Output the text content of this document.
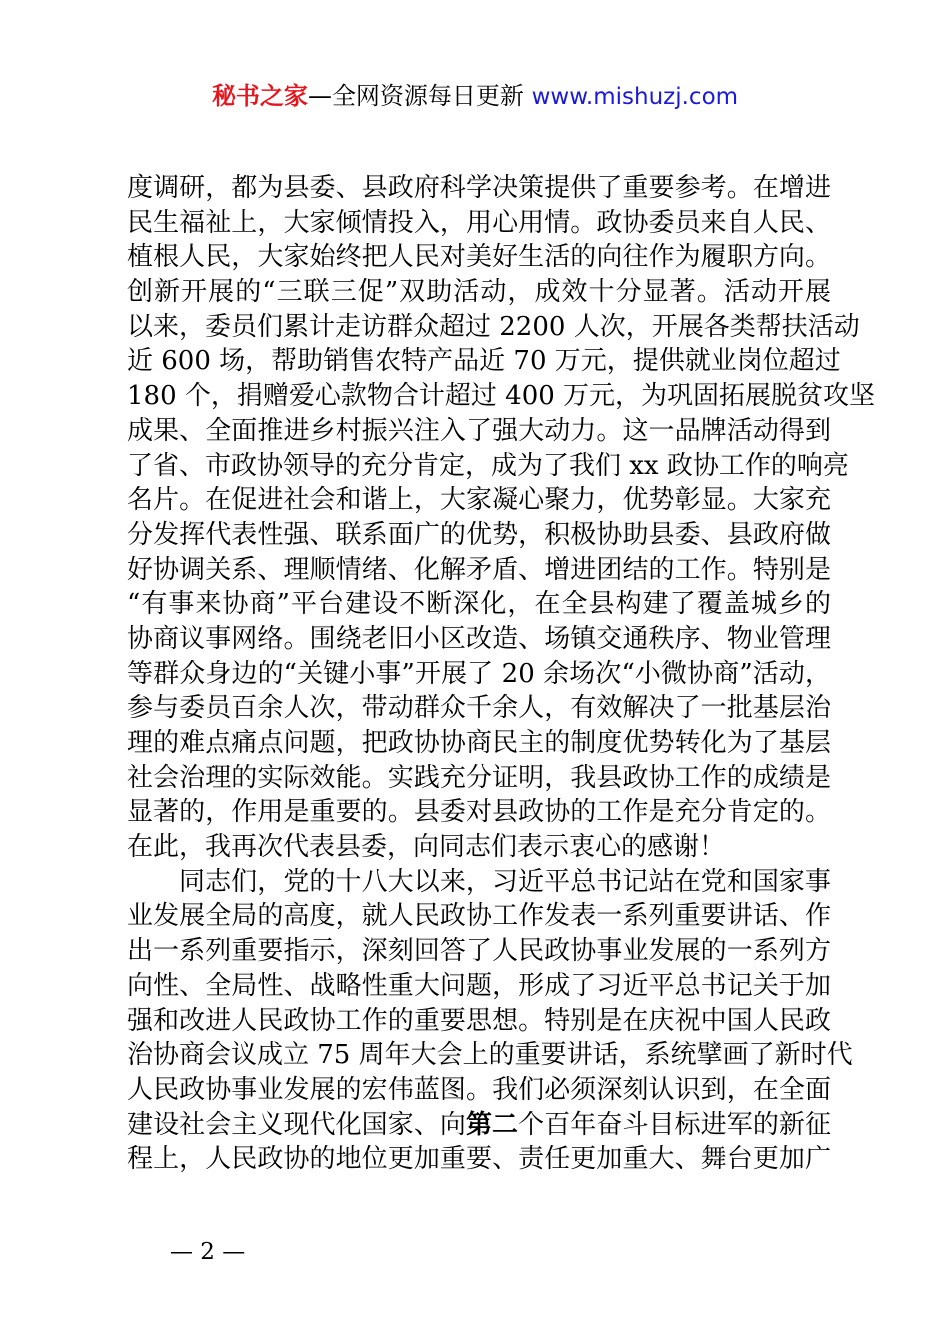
秘书之家—全网资源每日更新 www.mishuzj.com
度调研，都为县委、县政府科学决策提供了重要参考。在增进
民生福祉上，大家倾情投入，用心用情。政协委员来自人民、
植根人民，大家始终把人民对美好生活的向往作为履职方向。
创新开展的“三联三促”双助活动，成效十分显著。活动开展
以来，委员们累计走访群众超过 2200 人次，开展各类帮扶活动
近 600 场，帮助销售农特产品近 70 万元，提供就业岗位超过
180 个，捐赠爱心款物合计超过 400 万元，为巩固拓展脱贫攻坚
成果、全面推进乡村振兴注入了强大动力。这一品牌活动得到
了省、市政协领导的充分肯定，成为了我们 xx 政协工作的响亮
名片。在促进社会和谐上，大家凝心聚力，优势彰显。大家充
分发挥代表性强、联系面广的优势，积极协助县委、县政府做
好协调关系、理顺情绪、化解矛盾、增进团结的工作。特别是
“有事来协商”平台建设不断深化，在全县构建了覆盖城乡的
协商议事网络。围绕老旧小区改造、场镇交通秩序、物业管理
等群众身边的“关键小事”开展了 20 余场次“小微协商”活动，
参与委员百余人次，带动群众千余人，有效解决了一批基层治
理的难点痛点问题，把政协协商民主的制度优势转化为了基层
社会治理的实际效能。实践充分证明，我县政协工作的成绩是
显著的，作用是重要的。县委对县政协的工作是充分肯定的。
在此，我再次代表县委，向同志们表示衷心的感谢！
同志们，党的十八大以来，习近平总书记站在党和国家事
业发展全局的高度，就人民政协工作发表一系列重要讲话、作
出一系列重要指示，深刻回答了人民政协事业发展的一系列方
向性、全局性、战略性重大问题，形成了习近平总书记关于加
强和改进人民政协工作的重要思想。特别是在庆祝中国人民政
治协商会议成立 75 周年大会上的重要讲话，系统擘画了新时代
人民政协事业发展的宏伟蓝图。我们必须深刻认识到，在全面
建设社会主义现代化国家、向第二个百年奋斗目标进军的新征
程上，人民政协的地位更加重要、责任更加重大、舞台更加广
— 2 —
